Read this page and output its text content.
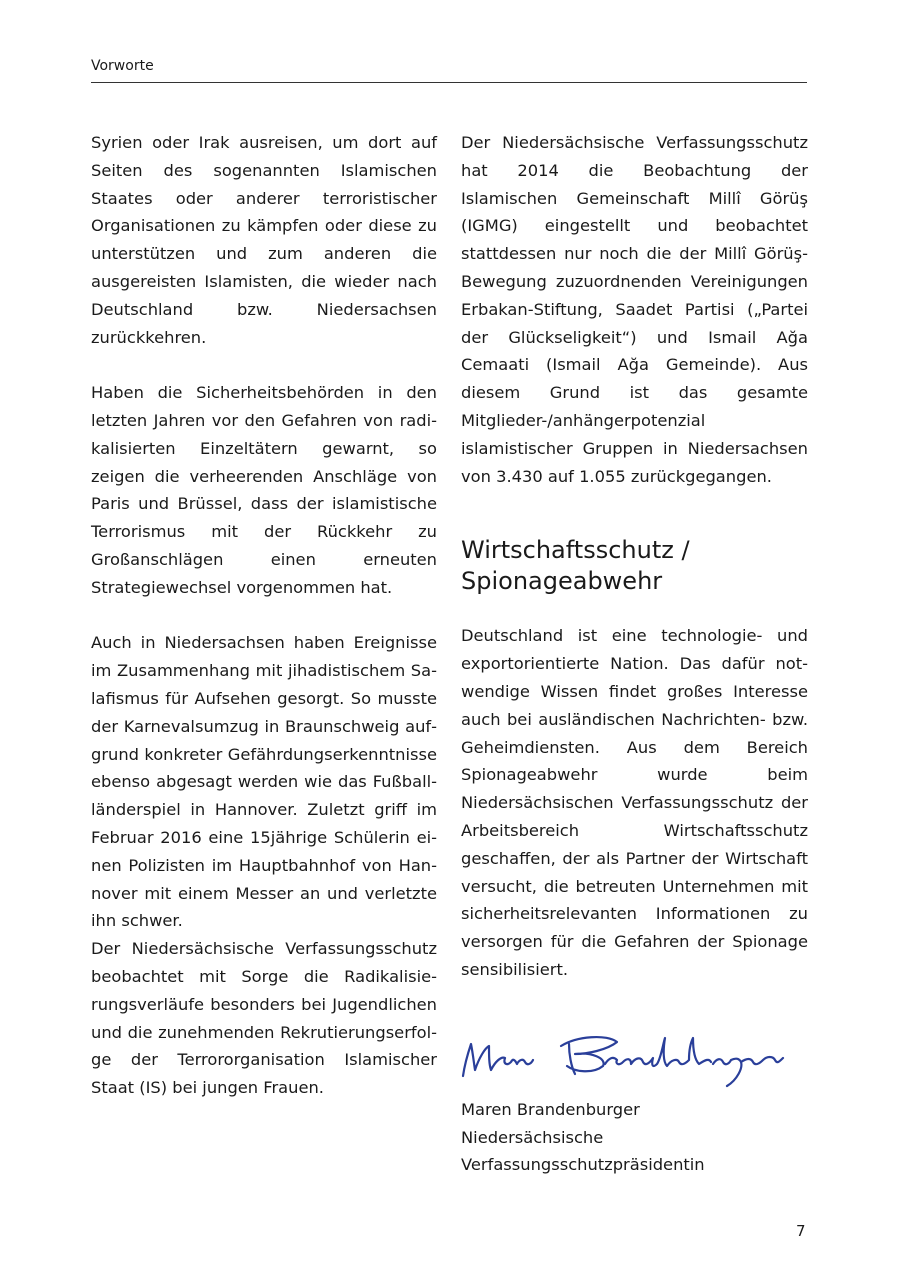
Vorworte

Syrien oder Irak ausreisen, um dort auf Seiten des sogenannten Islamischen Staates oder anderer terroristischer Organisationen zu kämpfen oder diese zu unterstützen und zum anderen die ausgereisten Islamisten, die wieder nach Deutschland bzw. Niedersachsen zurückkehren.

Haben die Sicherheitsbehörden in den letzten Jahren vor den Gefahren von radikalisierten Einzeltätern gewarnt, so zeigen die verheerenden Anschläge von Paris und Brüssel, dass der islamistische Terrorismus mit der Rückkehr zu Großanschlägen einen erneuten Strategiewechsel vorgenommen hat.

Auch in Niedersachsen haben Ereignisse im Zusammenhang mit jihadistischem Salafismus für Aufsehen gesorgt. So musste der Karnevalsumzug in Braunschweig aufgrund konkreter Gefährdungserkenntnisse ebenso abgesagt werden wie das Fußballländerspiel in Hannover. Zuletzt griff im Februar 2016 eine 15jährige Schülerin einen Polizisten im Hauptbahnhof von Hannover mit einem Messer an und verletzte ihn schwer.

Der Niedersächsische Verfassungsschutz beobachtet mit Sorge die Radikalisierungsverläufe besonders bei Jugendlichen und die zunehmenden Rekrutierungserfolge der Terrororganisation Islamischer Staat (IS) bei jungen Frauen.

Der Niedersächsische Verfassungsschutz hat 2014 die Beobachtung der Islamischen Gemeinschaft Millî Görüş (IGMG) eingestellt und beobachtet stattdessen nur noch die der Millî Görüş-Bewegung zuzuordnenden Vereinigungen Erbakan-Stiftung, Saadet Partisi („Partei der Glückseligkeit“) und Ismail Ağa Cemaati (Ismail Ağa Gemeinde). Aus diesem Grund ist das gesamte Mitglieder-/anhängerpotenzial islamistischer Gruppen in Niedersachsen von 3.430 auf 1.055 zurückgegangen.

Wirtschaftsschutz /
Spionageabwehr

Deutschland ist eine technologie- und exportorientierte Nation. Das dafür notwendige Wissen findet großes Interesse auch bei ausländischen Nachrichten- bzw. Geheimdiensten. Aus dem Bereich Spionageabwehr wurde beim Niedersächsischen Verfassungsschutz der Arbeitsbereich Wirtschaftsschutz geschaffen, der als Partner der Wirtschaft versucht, die betreuten Unternehmen mit sicherheitsrelevanten Informationen zu versorgen für die Gefahren der Spionage sensibilisiert.

Maren Brandenburger

Niedersächsische

Verfassungsschutzpräsidentin

7
